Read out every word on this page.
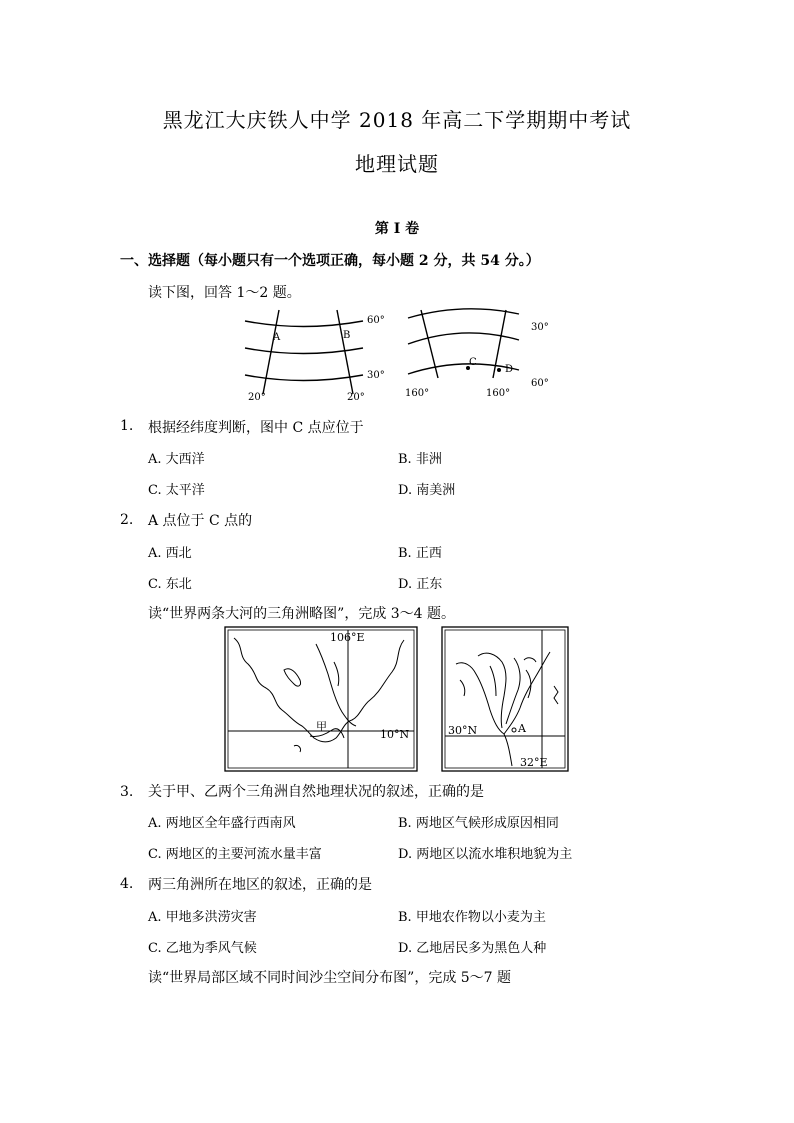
黑龙江大庆铁人中学 2018 年高二下学期期中考试
地理试题
第 I 卷
一、选择题（每小题只有一个选项正确，每小题 2 分，共 54 分。）
读下图，回答 1～2 题。
60°
30°
20°	20°
A	B
30°
60°
160°	160°
C
D
1. 根据经纬度判断，图中 C 点应位于
A. 大西洋	B. 非洲
C. 太平洋	D. 南美洲
2. A 点位于 C 点的
A. 西北	B. 正西
C. 东北	D. 正东
读“世界两条大河的三角洲略图”，完成 3～4 题。
106°E
10°N
甲	30°N
32°E
A
3. 关于甲、乙两个三角洲自然地理状况的叙述，正确的是
A. 两地区全年盛行西南风	B. 两地区气候形成原因相同
C. 两地区的主要河流水量丰富	D. 两地区以流水堆积地貌为主
4. 两三角洲所在地区的叙述，正确的是
A. 甲地多洪涝灾害	B. 甲地农作物以小麦为主
C. 乙地为季风气候	D. 乙地居民多为黑色人种
读“世界局部区域不同时间沙尘空间分布图”，完成 5～7 题
